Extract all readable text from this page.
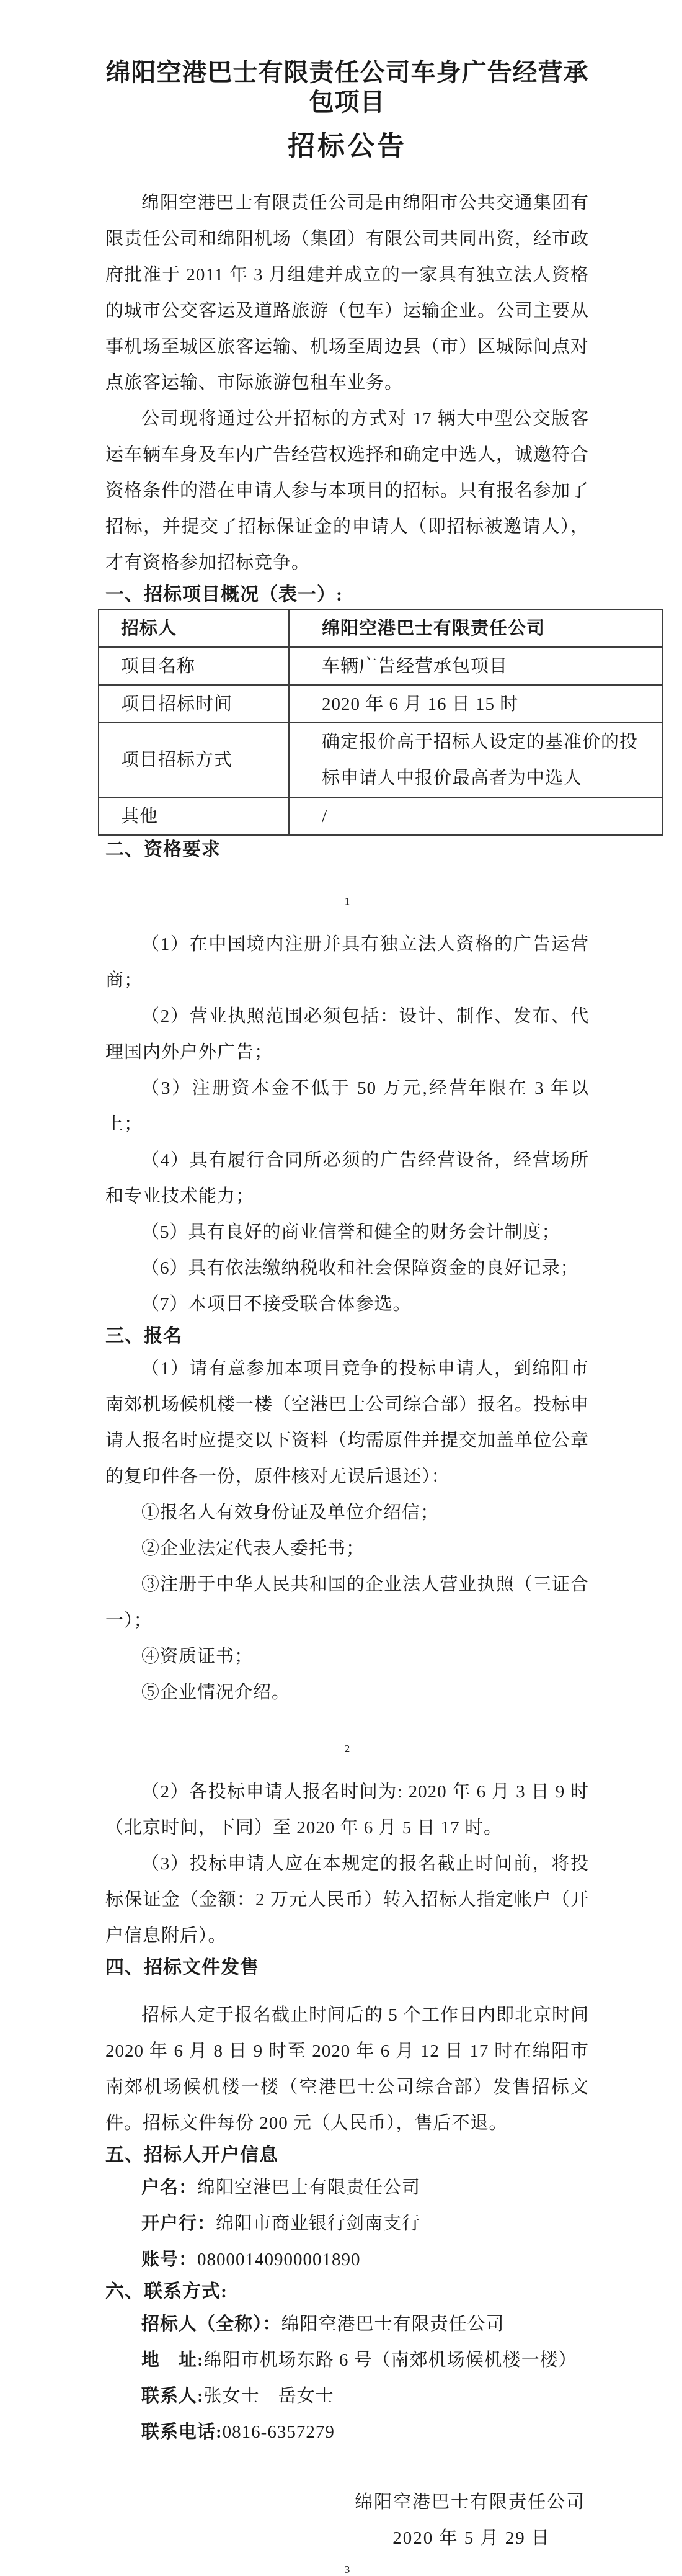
绵阳空港巴士有限责任公司车身广告经营承包项目
招标公告

绵阳空港巴士有限责任公司是由绵阳市公共交通集团有限责任公司和绵阳机场（集团）有限公司共同出资，经市政府批准于 2011 年 3 月组建并成立的一家具有独立法人资格的城市公交客运及道路旅游（包车）运输企业。公司主要从事机场至城区旅客运输、机场至周边县（市）区城际间点对点旅客运输、市际旅游包租车业务。

公司现将通过公开招标的方式对 17 辆大中型公交版客运车辆车身及车内广告经营权选择和确定中选人，诚邀符合资格条件的潜在申请人参与本项目的招标。只有报名参加了招标，并提交了招标保证金的申请人（即招标被邀请人），才有资格参加招标竞争。

一、招标项目概况（表一）:
招标人	绵阳空港巴士有限责任公司
项目名称	车辆广告经营承包项目
项目招标时间	2020 年 6 月 16 日 15 时
项目招标方式	确定报价高于招标人设定的基准价的投标申请人中报价最高者为中选人
其他	/
二、资格要求

1

（1）在中国境内注册并具有独立法人资格的广告运营商；

（2）营业执照范围必须包括：设计、制作、发布、代理国内外户外广告；

（3）注册资本金不低于 50 万元,经营年限在 3 年以上；

（4）具有履行合同所必须的广告经营设备，经营场所和专业技术能力；

（5）具有良好的商业信誉和健全的财务会计制度；

（6）具有依法缴纳税收和社会保障资金的良好记录；

（7）本项目不接受联合体参选。

三、报名

（1）请有意参加本项目竞争的投标申请人，到绵阳市南郊机场候机楼一楼（空港巴士公司综合部）报名。投标申请人报名时应提交以下资料（均需原件并提交加盖单位公章的复印件各一份，原件核对无误后退还）：

①报名人有效身份证及单位介绍信；

②企业法定代表人委托书；

③注册于中华人民共和国的企业法人营业执照（三证合一）；

④资质证书；

⑤企业情况介绍。

2

（2）各投标申请人报名时间为: 2020 年 6 月 3 日 9 时（北京时间，下同）至 2020 年 6 月 5 日 17 时。

（3）投标申请人应在本规定的报名截止时间前，将投标保证金（金额：2 万元人民币）转入招标人指定帐户（开户信息附后）。

四、招标文件发售

招标人定于报名截止时间后的 5 个工作日内即北京时间 2020 年 6 月 8 日 9 时至 2020 年 6 月 12 日 17 时在绵阳市南郊机场候机楼一楼（空港巴士公司综合部）发售招标文件。招标文件每份 200 元（人民币），售后不退。

五、招标人开户信息

户名：绵阳空港巴士有限责任公司

开户行：绵阳市商业银行剑南支行

账号：08000140900001890

六、联系方式:

招标人（全称）：绵阳空港巴士有限责任公司

地　址:绵阳市机场东路 6 号（南郊机场候机楼一楼）

联系人:张女士　岳女士

联系电话:0816-6357279

绵阳空港巴士有限责任公司

2020 年 5 月 29 日

3
